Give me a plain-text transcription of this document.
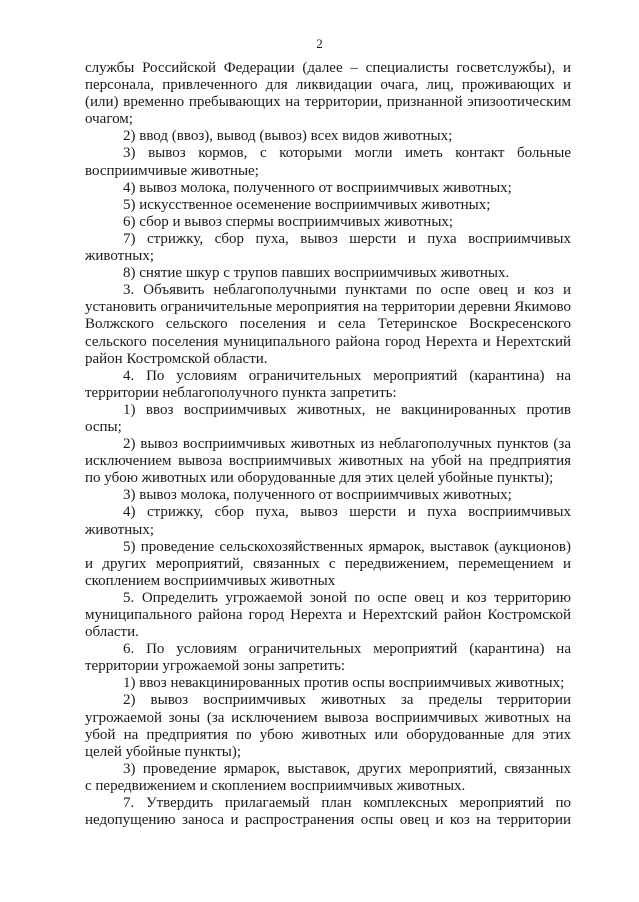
2
службы Российской Федерации (далее – специалисты госветслужбы), и
персонала, привлеченного для ликвидации очага, лиц, проживающих и
(или) временно пребывающих на территории, признанной эпизоотическим
очагом;
2) ввод (ввоз), вывод (вывоз) всех видов животных;
3) вывоз кормов, с которыми могли иметь контакт больные
восприимчивые животные;
4) вывоз молока, полученного от восприимчивых животных;
5) искусственное осеменение восприимчивых животных;
6) сбор и вывоз спермы восприимчивых животных;
7) стрижку, сбор пуха, вывоз шерсти и пуха восприимчивых
животных;
8) снятие шкур с трупов павших восприимчивых животных.
3. Объявить неблагополучными пунктами по оспе овец и коз и
установить ограничительные мероприятия на территории деревни Якимово
Волжского сельского поселения и села Тетеринское Воскресенского
сельского поселения муниципального района город Нерехта и Нерехтский
район Костромской области.
4. По условиям ограничительных мероприятий (карантина) на
территории неблагополучного пункта запретить:
1) ввоз восприимчивых животных, не вакцинированных против
оспы;
2) вывоз восприимчивых животных из неблагополучных пунктов (за
исключением вывоза восприимчивых животных на убой на предприятия
по убою животных или оборудованные для этих целей убойные пункты);
3) вывоз молока, полученного от восприимчивых животных;
4) стрижку, сбор пуха, вывоз шерсти и пуха восприимчивых
животных;
5) проведение сельскохозяйственных ярмарок, выставок (аукционов)
и других мероприятий, связанных с передвижением, перемещением и
скоплением восприимчивых животных
5. Определить угрожаемой зоной по оспе овец и коз территорию
муниципального района город Нерехта и Нерехтский район Костромской
области.
6. По условиям ограничительных мероприятий (карантина) на
территории угрожаемой зоны запретить:
1) ввоз невакцинированных против оспы восприимчивых животных;
2) вывоз восприимчивых животных за пределы территории
угрожаемой зоны (за исключением вывоза восприимчивых животных на
убой на предприятия по убою животных или оборудованные для этих
целей убойные пункты);
3) проведение ярмарок, выставок, других мероприятий, связанных
с передвижением и скоплением восприимчивых животных.
7. Утвердить прилагаемый план комплексных мероприятий по
недопущению заноса и распространения оспы овец и коз на территории
